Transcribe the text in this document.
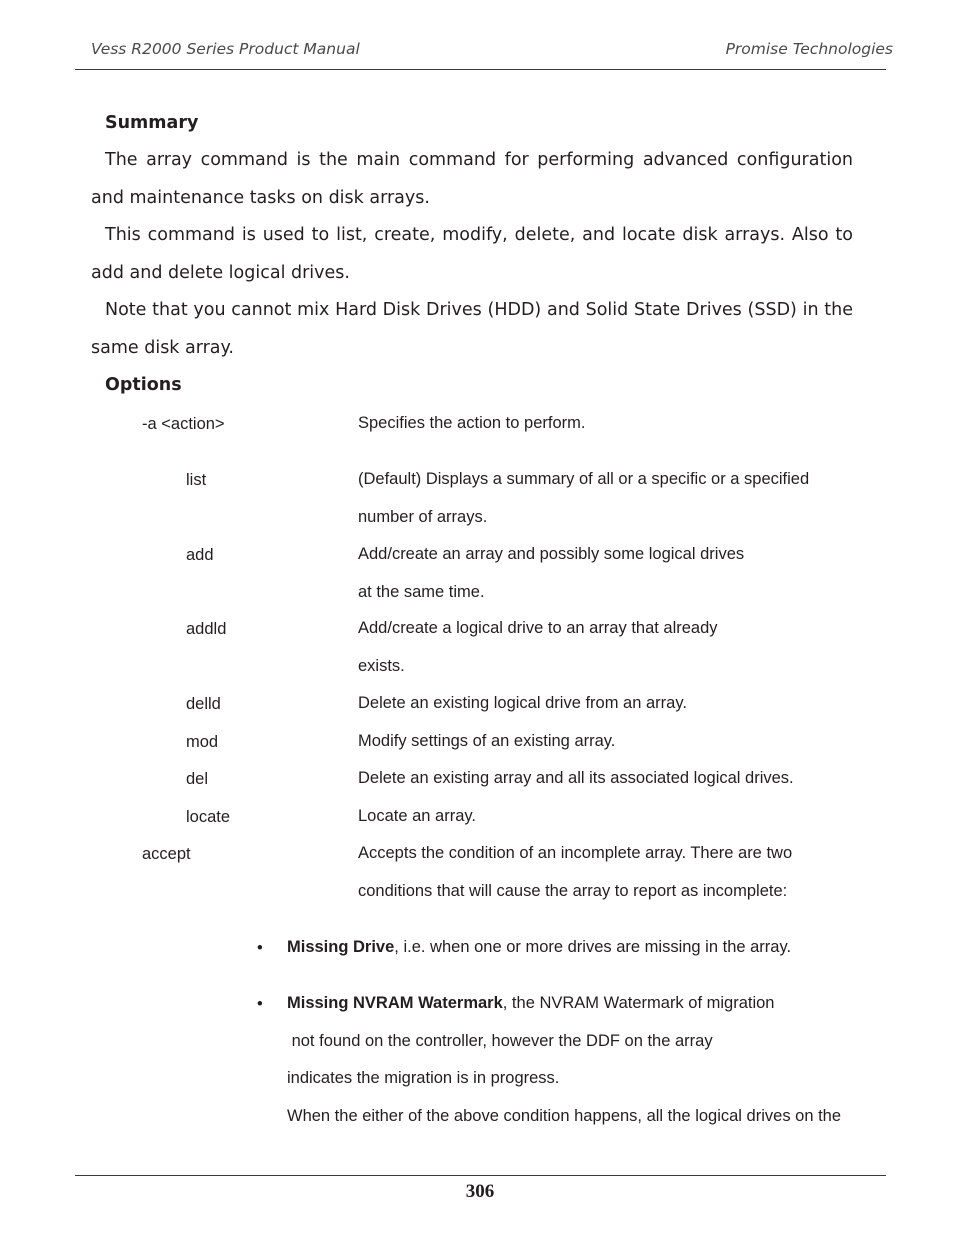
Vess R2000 Series Product Manual	Promise Technologies
Summary
The array command is the main command for performing advanced configuration and maintenance tasks on disk arrays.
This command is used to list, create, modify, delete, and locate disk arrays. Also to add and delete logical drives.
Note that you cannot mix Hard Disk Drives (HDD) and Solid State Drives (SSD) in the same disk array.
Options
-a <action>	Specifies the action to perform.
list	(Default) Displays a summary of all or a specific or a specified
number of arrays.
add	Add/create an array and possibly some logical drives
at the same time.
addld	Add/create a logical drive to an array that already
exists.
delld	Delete an existing logical drive from an array.
mod	Modify settings of an existing array.
del	Delete an existing array and all its associated logical drives.
locate	Locate an array.
accept	Accepts the condition of an incomplete array. There are two
conditions that will cause the array to report as incomplete:
• Missing Drive, i.e. when one or more drives are missing in the array.
• Missing NVRAM Watermark, the NVRAM Watermark of migration
not found on the controller, however the DDF on the array
indicates the migration is in progress.
When the either of the above condition happens, all the logical drives on the
306
